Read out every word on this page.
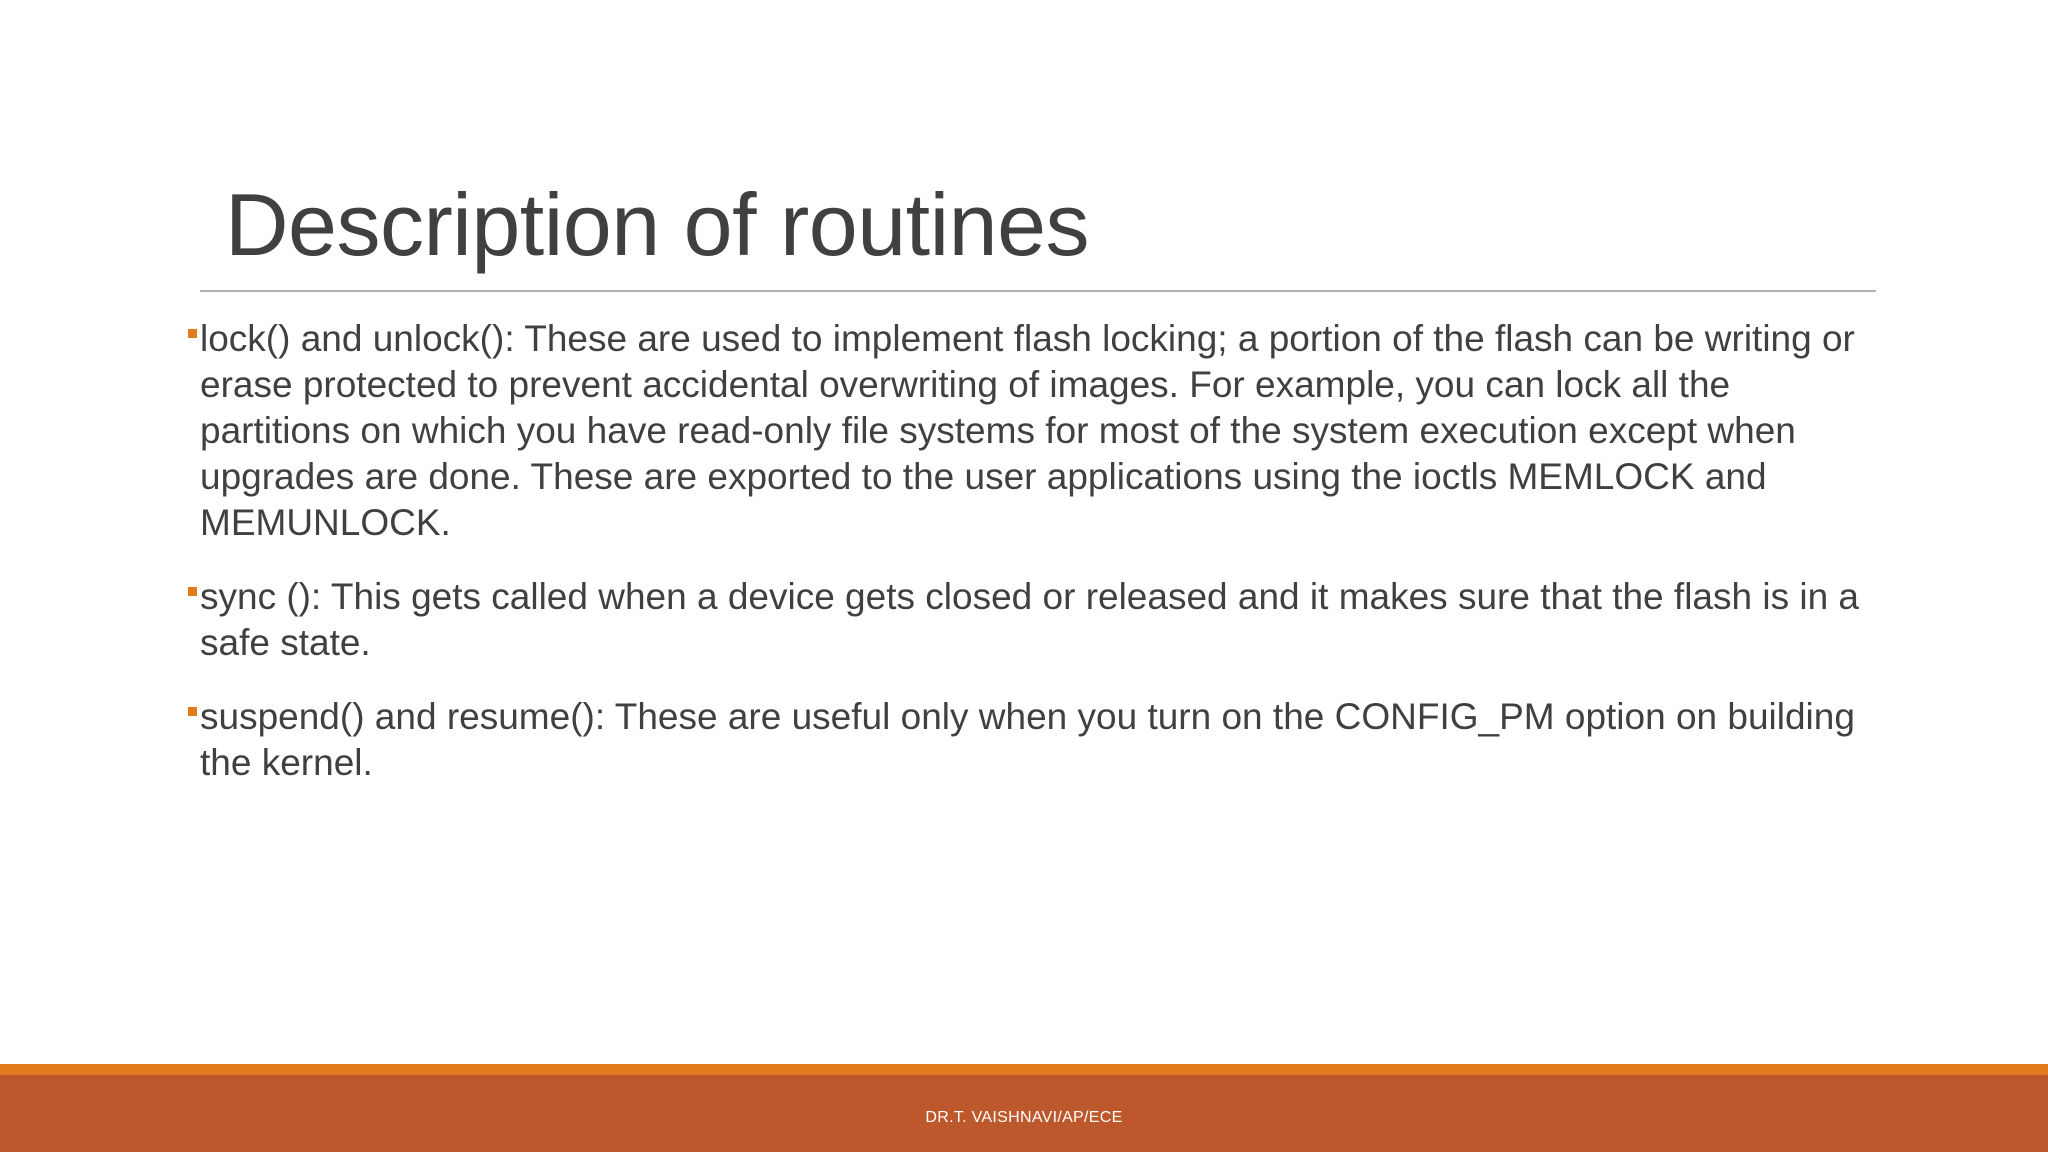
Description of routines
lock() and unlock(): These are used to implement flash locking; a portion of the flash can be writing or erase protected to prevent accidental overwriting of images. For example, you can lock all the partitions on which you have read-only file systems for most of the system execution except when upgrades are done. These are exported to the user applications using the ioctls MEMLOCK and MEMUNLOCK.
sync (): This gets called when a device gets closed or released and it makes sure that the flash is in a safe state.
suspend() and resume(): These are useful only when you turn on the CONFIG_PM option on building the kernel.
DR.T. VAISHNAVI/AP/ECE
